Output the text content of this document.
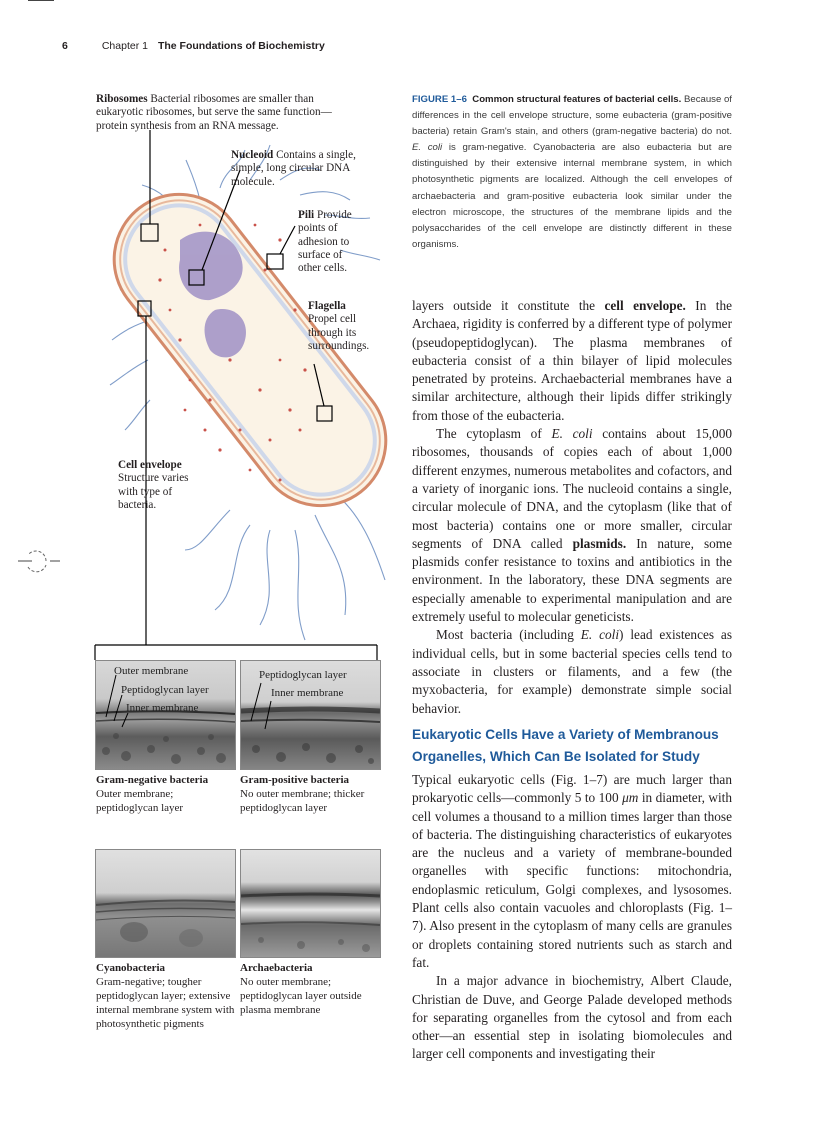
6	Chapter 1 The Foundations of Biochemistry
Ribosomes Bacterial ribosomes are smaller than eukaryotic ribosomes, but serve the same function—protein synthesis from an RNA message.
Nucleoid Contains a single, simple, long circular DNA molecule.
Pili Provide points of adhesion to surface of other cells.
Flagella
Propel cell through its surroundings.
Cell envelope
Structure varies with type of bacteria.
Outer membrane
Peptidoglycan layer
Inner membrane
Peptidoglycan layer
Inner membrane
Gram-negative bacteria
Outer membrane; peptidoglycan layer
Gram-positive bacteria
No outer membrane; thicker peptidoglycan layer
Cyanobacteria
Gram-negative; tougher peptidoglycan layer; extensive internal membrane system with photosynthetic pigments
Archaebacteria
No outer membrane; peptidoglycan layer outside plasma membrane
FIGURE 1–6 Common structural features of bacterial cells. Because of differences in the cell envelope structure, some eubacteria (gram-positive bacteria) retain Gram's stain, and others (gram-negative bacteria) do not. E. coli is gram-negative. Cyanobacteria are also eubacteria but are distinguished by their extensive internal membrane system, in which photosynthetic pigments are localized. Although the cell envelopes of archaebacteria and gram-positive eubacteria look similar under the electron microscope, the structures of the membrane lipids and the polysaccharides of the cell envelope are distinctly different in these organisms.

layers outside it constitute the cell envelope. In the Archaea, rigidity is conferred by a different type of polymer (pseudopeptidoglycan). The plasma membranes of eubacteria consist of a thin bilayer of lipid molecules penetrated by proteins. Archaebacterial membranes have a similar architecture, although their lipids differ strikingly from those of the eubacteria.

The cytoplasm of E. coli contains about 15,000 ribosomes, thousands of copies each of about 1,000 different enzymes, numerous metabolites and cofactors, and a variety of inorganic ions. The nucleoid contains a single, circular molecule of DNA, and the cytoplasm (like that of most bacteria) contains one or more smaller, circular segments of DNA called plasmids. In nature, some plasmids confer resistance to toxins and antibiotics in the environment. In the laboratory, these DNA segments are especially amenable to experimental manipulation and are extremely useful to molecular geneticists.

Most bacteria (including E. coli) lead existences as individual cells, but in some bacterial species cells tend to associate in clusters or filaments, and a few (the myxobacteria, for example) demonstrate simple social behavior.

Eukaryotic Cells Have a Variety of Membranous Organelles, Which Can Be Isolated for Study

Typical eukaryotic cells (Fig. 1–7) are much larger than prokaryotic cells—commonly 5 to 100 μm in diameter, with cell volumes a thousand to a million times larger than those of bacteria. The distinguishing characteristics of eukaryotes are the nucleus and a variety of membrane-bounded organelles with specific functions: mitochondria, endoplasmic reticulum, Golgi complexes, and lysosomes. Plant cells also contain vacuoles and chloroplasts (Fig. 1–7). Also present in the cytoplasm of many cells are granules or droplets containing stored nutrients such as starch and fat.

In a major advance in biochemistry, Albert Claude, Christian de Duve, and George Palade developed methods for separating organelles from the cytosol and from each other—an essential step in isolating biomolecules and larger cell components and investigating their
